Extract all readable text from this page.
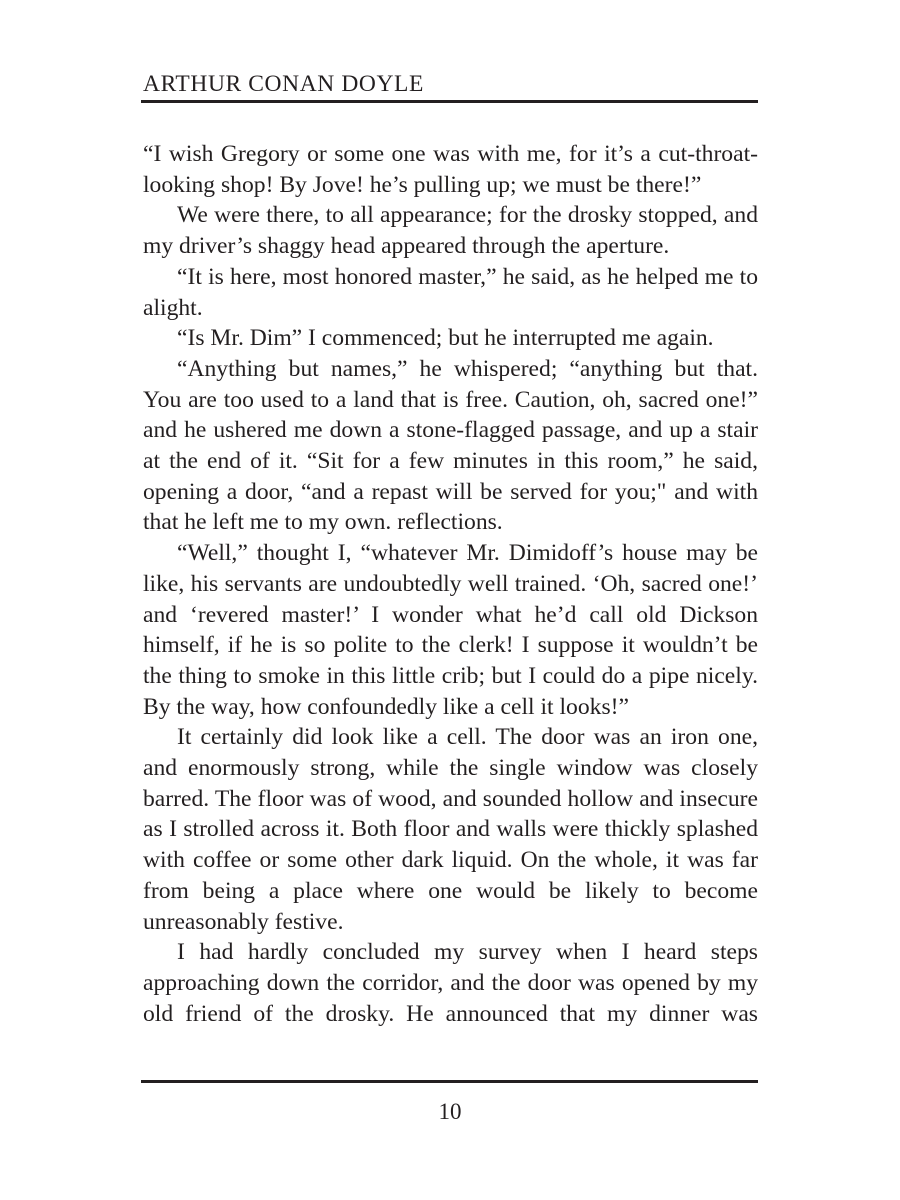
ARTHUR CONAN DOYLE

“I wish Gregory or some one was with me, for it’s a cut-throat-looking shop! By Jove! he’s pulling up; we must be there!”

We were there, to all appearance; for the drosky stopped, and my driver’s shaggy head appeared through the aperture.

“It is here, most honored master,” he said, as he helped me to alight.

“Is Mr. Dim” I commenced; but he interrupted me again.

“Anything but names,” he whispered; “anything but that. You are too used to a land that is free. Caution, oh, sacred one!” and he ushered me down a stone-flagged passage, and up a stair at the end of it. “Sit for a few minutes in this room,” he said, opening a door, “and a repast will be served for you;" and with that he left me to my own. reflections.

“Well,” thought I, “whatever Mr. Dimidoff’s house may be like, his servants are undoubtedly well trained. ‘Oh, sacred one!’ and ‘revered master!’ I wonder what he’d call old Dickson himself, if he is so polite to the clerk! I suppose it wouldn’t be the thing to smoke in this little crib; but I could do a pipe nicely. By the way, how confoundedly like a cell it looks!”

It certainly did look like a cell. The door was an iron one, and enormously strong, while the single window was closely barred. The floor was of wood, and sounded hollow and insecure as I strolled across it. Both floor and walls were thickly splashed with coffee or some other dark liquid. On the whole, it was far from being a place where one would be likely to become unreasonably festive.

I had hardly concluded my survey when I heard steps approaching down the corridor, and the door was opened by my old friend of the drosky. He announced that my dinner was

10
